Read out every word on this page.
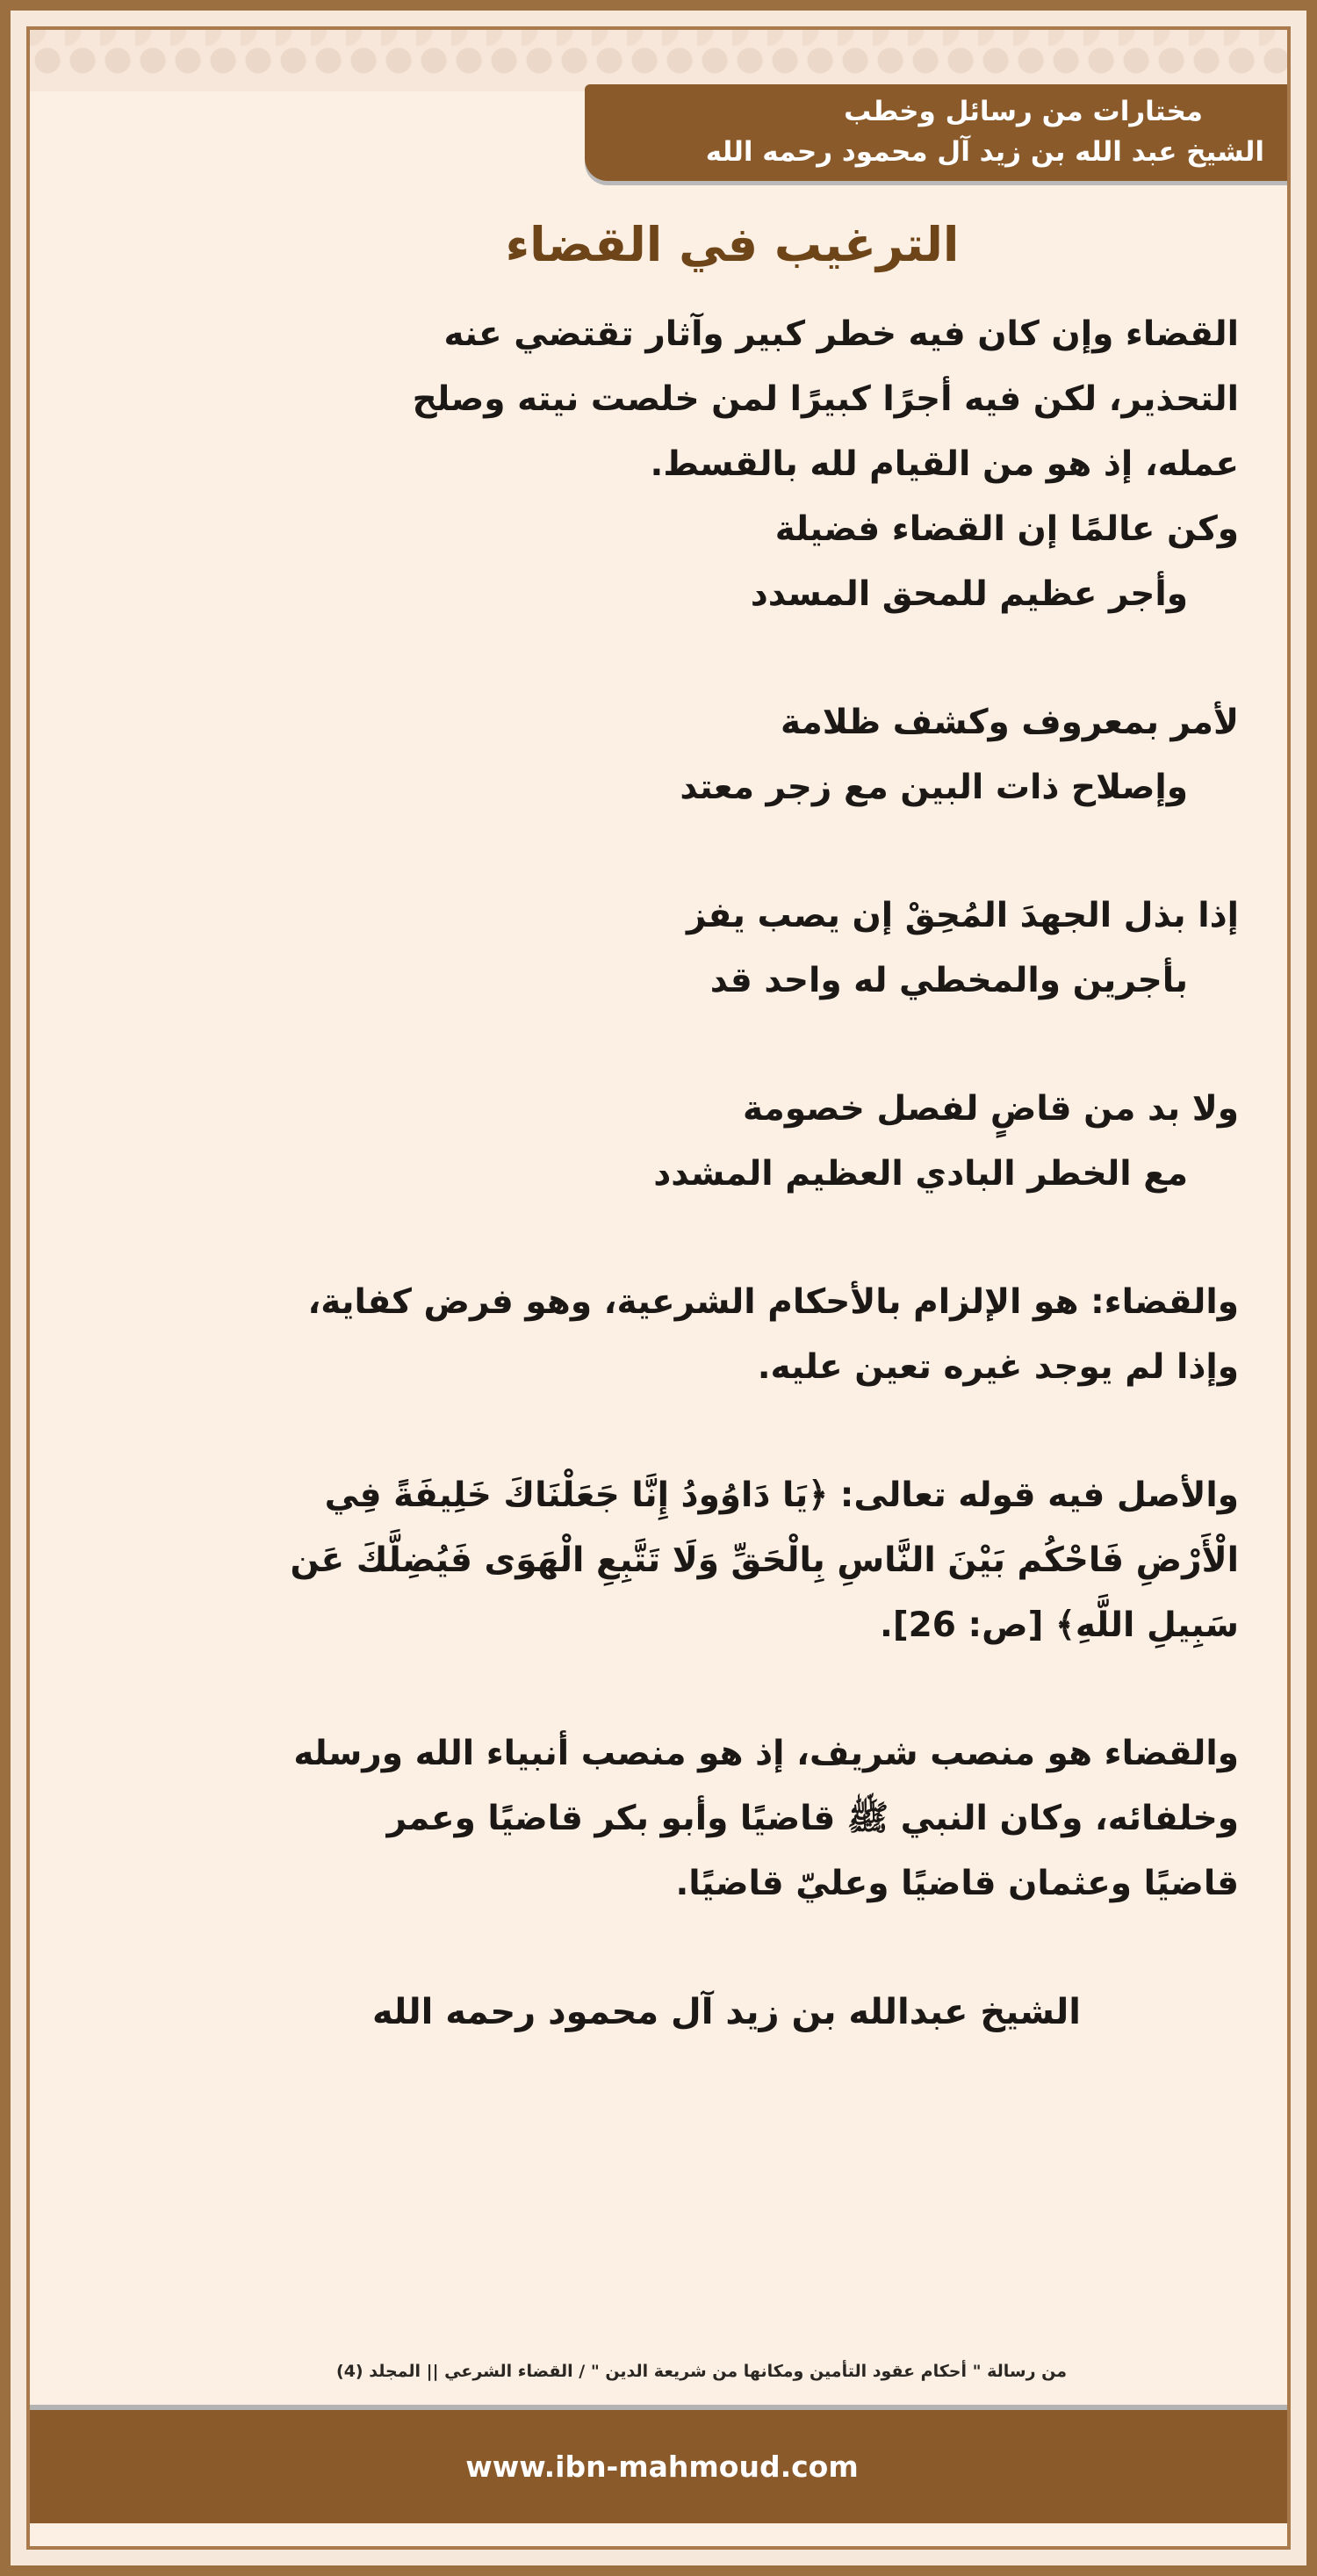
مختارات من رسائل وخطب
الشيخ عبد الله بن زيد آل محمود رحمه الله
الترغيب في القضاء

القضاء وإن كان فيه خطر كبير وآثار تقتضي عنه

التحذير، لكن فيه أجرًا كبيرًا لمن خلصت نيته وصلح

عمله، إذ هو من القيام لله بالقسط.

وكن عالمًا إن القضاء فضيلة

وأجر عظيم للمحق المسدد

لأمر بمعروف وكشف ظلامة

وإصلاح ذات البين مع زجر معتد

إذا بذل الجهدَ المُحِقْ إن يصب يفز

بأجرين والمخطي له واحد قد

ولا بد من قاضٍ لفصل خصومة

مع الخطر البادي العظيم المشدد

والقضاء: هو الإلزام بالأحكام الشرعية، وهو فرض كفاية،

وإذا لم يوجد غيره تعين عليه.

والأصل فيه قوله تعالى: ﴿يَا دَاوُودُ إِنَّا جَعَلْنَاكَ خَلِيفَةً فِي

الْأَرْضِ فَاحْكُم بَيْنَ النَّاسِ بِالْحَقِّ وَلَا تَتَّبِعِ الْهَوَى فَيُضِلَّكَ عَن

سَبِيلِ اللَّهِ﴾ [ص: 26].

والقضاء هو منصب شريف، إذ هو منصب أنبياء الله ورسله

وخلفائه، وكان النبي ﷺ قاضيًا وأبو بكر قاضيًا وعمر

قاضيًا وعثمان قاضيًا وعليّ قاضيًا.

الشيخ عبدالله بن زيد آل محمود رحمه الله

من رسالة " أحكام عقود التأمين ومكانها من شريعة الدين " / القضاء الشرعي || المجلد (4)
www.ibn-mahmoud.com
